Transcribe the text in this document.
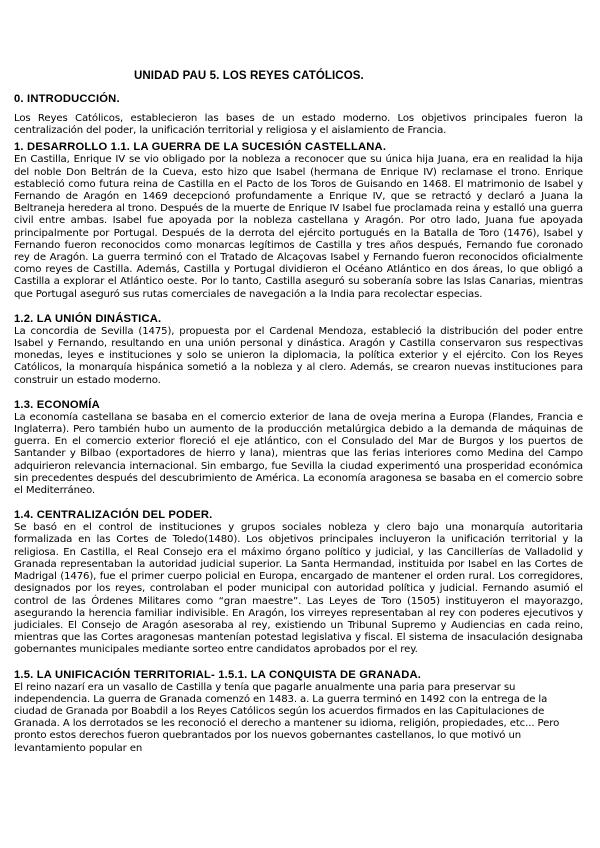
UNIDAD PAU 5. LOS REYES CATÓLICOS.
0. INTRODUCCIÓN.

Los Reyes Católicos, establecieron las bases de un estado moderno. Los objetivos principales fueron la centralización del poder, la unificación territorial y religiosa y el aislamiento de Francia.

1. DESARROLLO 1.1. LA GUERRA DE LA SUCESIÓN CASTELLANA.

En Castilla, Enrique IV se vio obligado por la nobleza a reconocer que su única hija Juana, era en realidad la hija del noble Don Beltrán de la Cueva, esto hizo que Isabel (hermana de Enrique IV) reclamase el trono. Enrique estableció como futura reina de Castilla en el Pacto de los Toros de Guisando en 1468. El matrimonio de Isabel y Fernando de Aragón en 1469 decepcionó profundamente a Enrique IV, que se retractó y declaró a Juana la Beltraneja heredera al trono. Después de la muerte de Enrique IV Isabel fue proclamada reina y estalló una guerra civil entre ambas. Isabel fue apoyada por la nobleza castellana y Aragón. Por otro lado, Juana fue apoyada principalmente por Portugal. Después de la derrota del ejército portugués en la Batalla de Toro (1476), Isabel y Fernando fueron reconocidos como monarcas legítimos de Castilla y tres años después, Fernando fue coronado rey de Aragón. La guerra terminó con el Tratado de Alcaçovas Isabel y Fernando fueron reconocidos oficialmente como reyes de Castilla. Además, Castilla y Portugal dividieron el Océano Atlántico en dos áreas, lo que obligó a Castilla a explorar el Atlántico oeste. Por lo tanto, Castilla aseguró su soberanía sobre las Islas Canarias, mientras que Portugal aseguró sus rutas comerciales de navegación a la India para recolectar especias.

1.2. LA UNIÓN DINÁSTICA.

La concordia de Sevilla (1475), propuesta por el Cardenal Mendoza, estableció la distribución del poder entre Isabel y Fernando, resultando en una unión personal y dinástica. Aragón y Castilla conservaron sus respectivas monedas, leyes e instituciones y solo se unieron la diplomacia, la política exterior y el ejército. Con los Reyes Católicos, la monarquía hispánica sometió a la nobleza y al clero. Además, se crearon nuevas instituciones para construir un estado moderno.

1.3. ECONOMÍA

La economía castellana se basaba en el comercio exterior de lana de oveja merina a Europa (Flandes, Francia e Inglaterra). Pero también hubo un aumento de la producción metalúrgica debido a la demanda de máquinas de guerra. En el comercio exterior floreció el eje atlántico, con el Consulado del Mar de Burgos y los puertos de Santander y Bilbao (exportadores de hierro y lana), mientras que las ferias interiores como Medina del Campo adquirieron relevancia internacional. Sin embargo, fue Sevilla la ciudad experimentó una prosperidad económica sin precedentes después del descubrimiento de América. La economía aragonesa se basaba en el comercio sobre el Mediterráneo.

1.4. CENTRALIZACIÓN DEL PODER.

Se basó en el control de instituciones y grupos sociales nobleza y clero bajo una monarquía autoritaria formalizada en las Cortes de Toledo(1480). Los objetivos principales incluyeron la unificación territorial y la religiosa. En Castilla, el Real Consejo era el máximo órgano político y judicial, y las Cancillerías de Valladolid y Granada representaban la autoridad judicial superior. La Santa Hermandad, instituida por Isabel en las Cortes de Madrigal (1476), fue el primer cuerpo policial en Europa, encargado de mantener el orden rural. Los corregidores, designados por los reyes, controlaban el poder municipal con autoridad política y judicial. Fernando asumió el control de las Órdenes Militares como “gran maestre”. Las Leyes de Toro (1505) instituyeron el mayorazgo, asegurando la herencia familiar indivisible. En Aragón, los virreyes representaban al rey con poderes ejecutivos y judiciales. El Consejo de Aragón asesoraba al rey, existiendo un Tribunal Supremo y Audiencias en cada reino, mientras que las Cortes aragonesas mantenían potestad legislativa y fiscal. El sistema de insaculación designaba gobernantes municipales mediante sorteo entre candidatos aprobados por el rey.

1.5. LA UNIFICACIÓN TERRITORIAL- 1.5.1. LA CONQUISTA DE GRANADA.

El reino nazarí era un vasallo de Castilla y tenía que pagarle anualmente una paria para preservar su independencia. La guerra de Granada comenzó en 1483. a. La guerra terminó en 1492 con la entrega de la ciudad de Granada por Boabdil a los Reyes Católicos según los acuerdos firmados en las Capitulaciones de Granada. A los derrotados se les reconoció el derecho a mantener su idioma, religión, propiedades, etc... Pero pronto estos derechos fueron quebrantados por los nuevos gobernantes castellanos, lo que motivó un levantamiento popular en
